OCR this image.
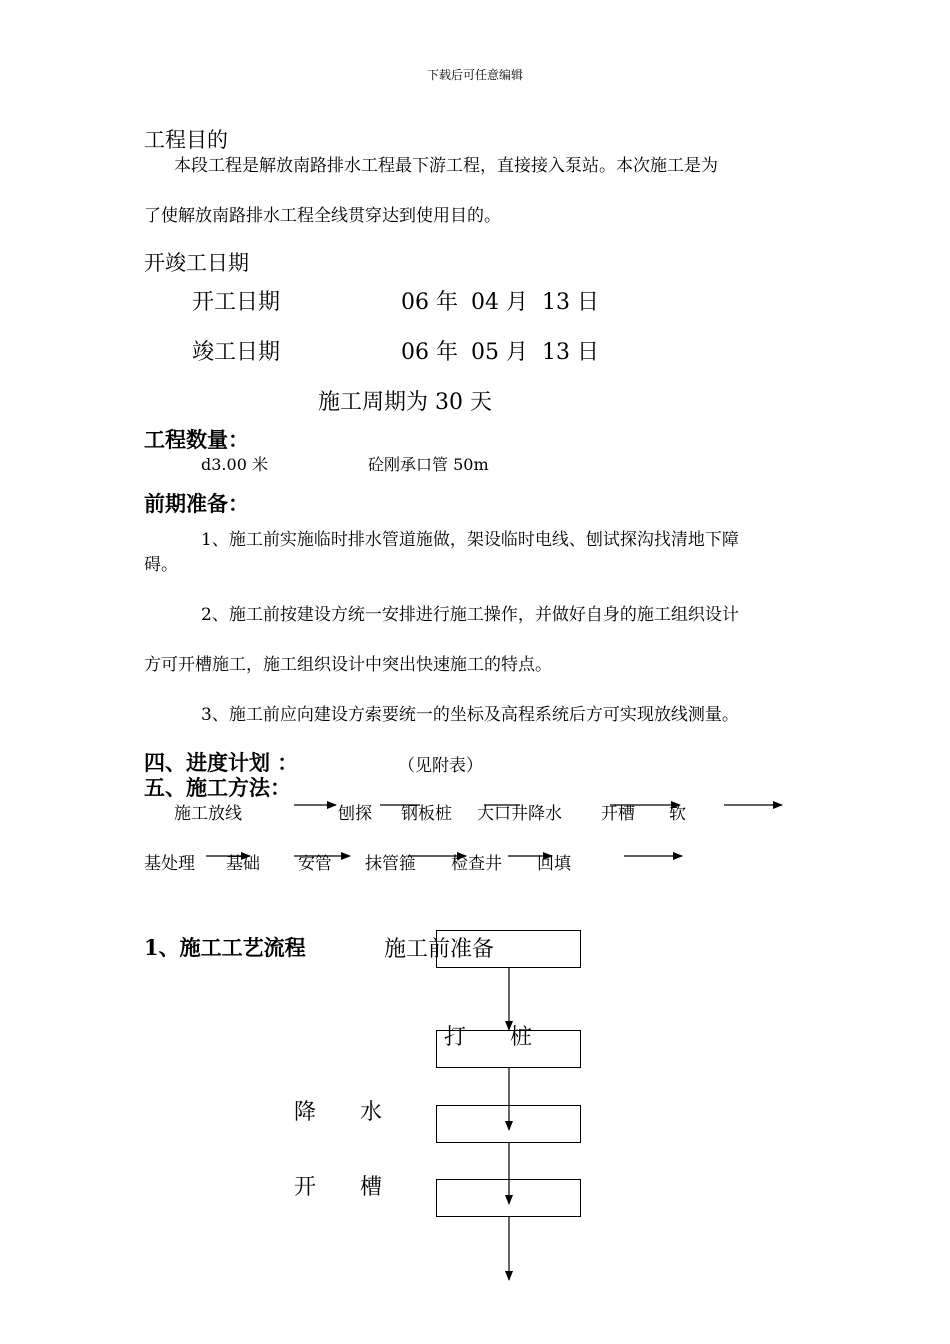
下载后可任意编辑
工程目的
本段工程是解放南路排水工程最下游工程，直接接入泵站。本次施工是为
了使解放南路排水工程全线贯穿达到使用目的。
开竣工日期
开工日期	06 年 04 月 13 日
竣工日期	06 年 05 月 13 日
施工周期为 30 天
工程数量：
d3.00 米	砼刚承口管 50m
前期准备：
1、施工前实施临时排水管道施做，架设临时电线、刨试探沟找清地下障
碍。
2、施工前按建设方统一安排进行施工操作，并做好自身的施工组织设计
方可开槽施工，施工组织设计中突出快速施工的特点。
3、施工前应向建设方索要统一的坐标及高程系统后方可实现放线测量。
四、进度计划 ：	（见附表）
五、施工方法：
施工放线	刨探 钢板桩 大口井降水 开槽 软
基处理 基础 安管 抹管箍 检查井 回填
1、施工工艺流程	施工前准备
打　　桩
降　　水
开　　槽
